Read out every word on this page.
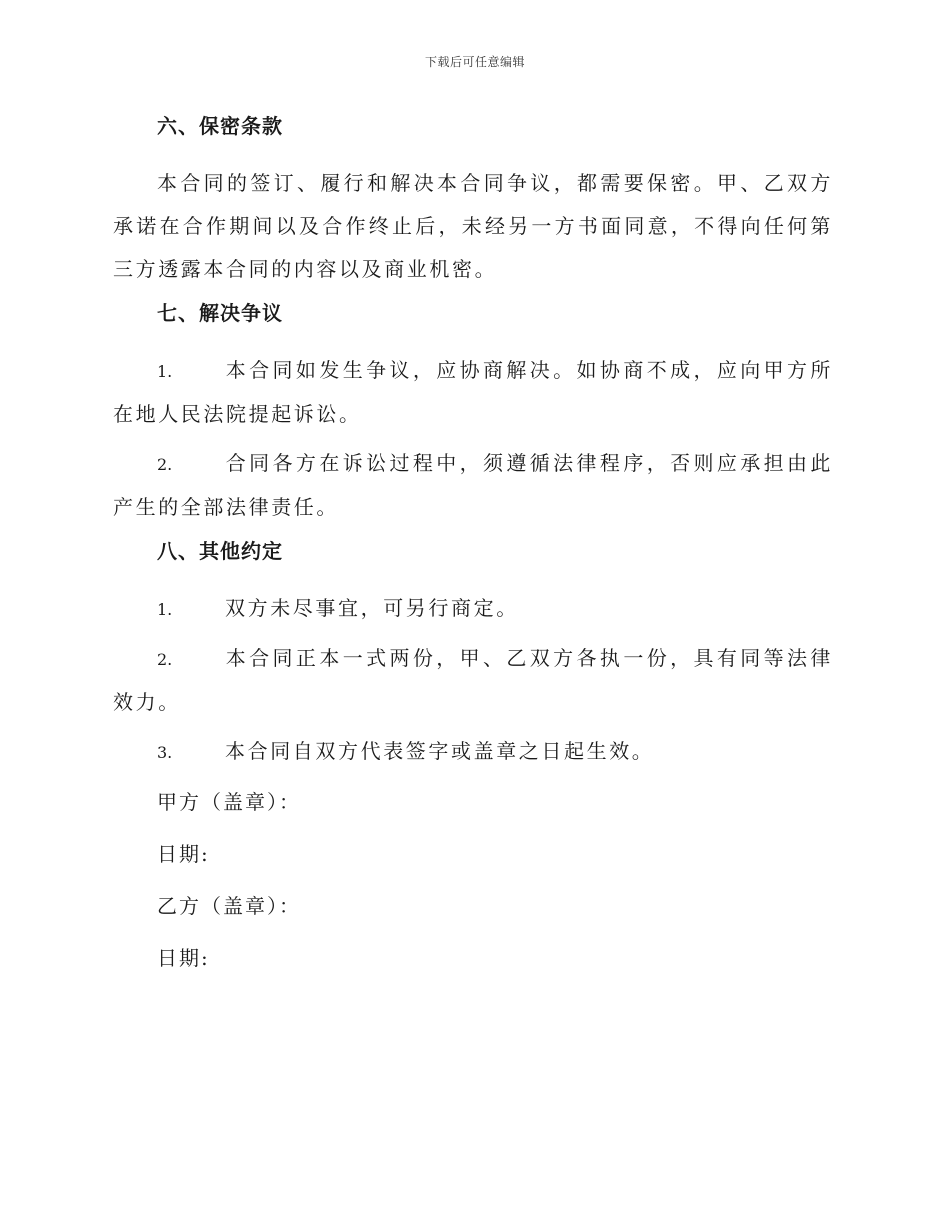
下载后可任意编辑
六、保密条款

本合同的签订、履行和解决本合同争议，都需要保密。甲、乙双方承诺在合作期间以及合作终止后，未经另一方书面同意，不得向任何第三方透露本合同的内容以及商业机密。

七、解决争议

1.	本合同如发生争议，应协商解决。如协商不成，应向甲方所在地人民法院提起诉讼。

2.	合同各方在诉讼过程中，须遵循法律程序，否则应承担由此产生的全部法律责任。

八、其他约定

1.	双方未尽事宜，可另行商定。

2.	本合同正本一式两份，甲、乙双方各执一份，具有同等法律效力。

3.	本合同自双方代表签字或盖章之日起生效。

甲方（盖章）：
日期:
乙方（盖章）：
日期:
